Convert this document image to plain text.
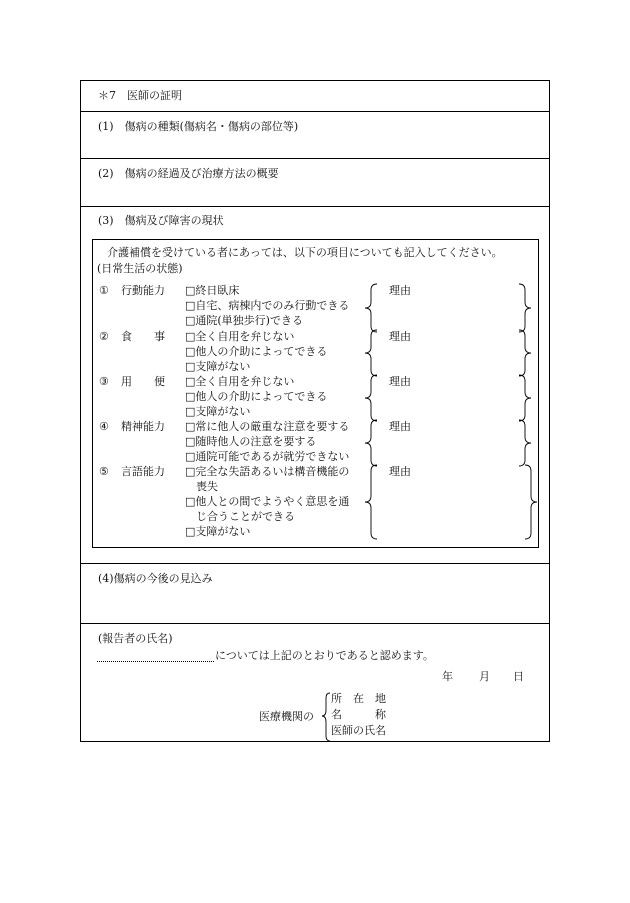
＊7　医師の証明
(1)　傷病の種類(傷病名・傷病の部位等)
(2)　傷病の経過及び治療方法の概要
(3)　傷病及び障害の現状
介護補償を受けている者にあっては、以下の項目についても記入してください。
(日常生活の状態)
① 行動能力 □終日臥床
□自宅、病棟内でのみ行動できる
□通院(単独歩行)できる
理由
② 食　　事 □全く自用を弁じない
□他人の介助によってできる
□支障がない
理由
③ 用　　便 □全く自用を弁じない
□他人の介助によってできる
□支障がない
理由
④ 精神能力 □常に他人の厳重な注意を要する
□随時他人の注意を要する
□通院可能であるが就労できない
理由
⑤ 言語能力 □完全な失語あるいは構音機能の
　喪失
□他人との間でようやく意思を通
　じ合うことができる
□支障がない
理由
(4)傷病の今後の見込み
(報告者の氏名)
については上記のとおりであると認めます。
年 月 日
医療機関の
所　在　地
名　　　称
医師の氏名
